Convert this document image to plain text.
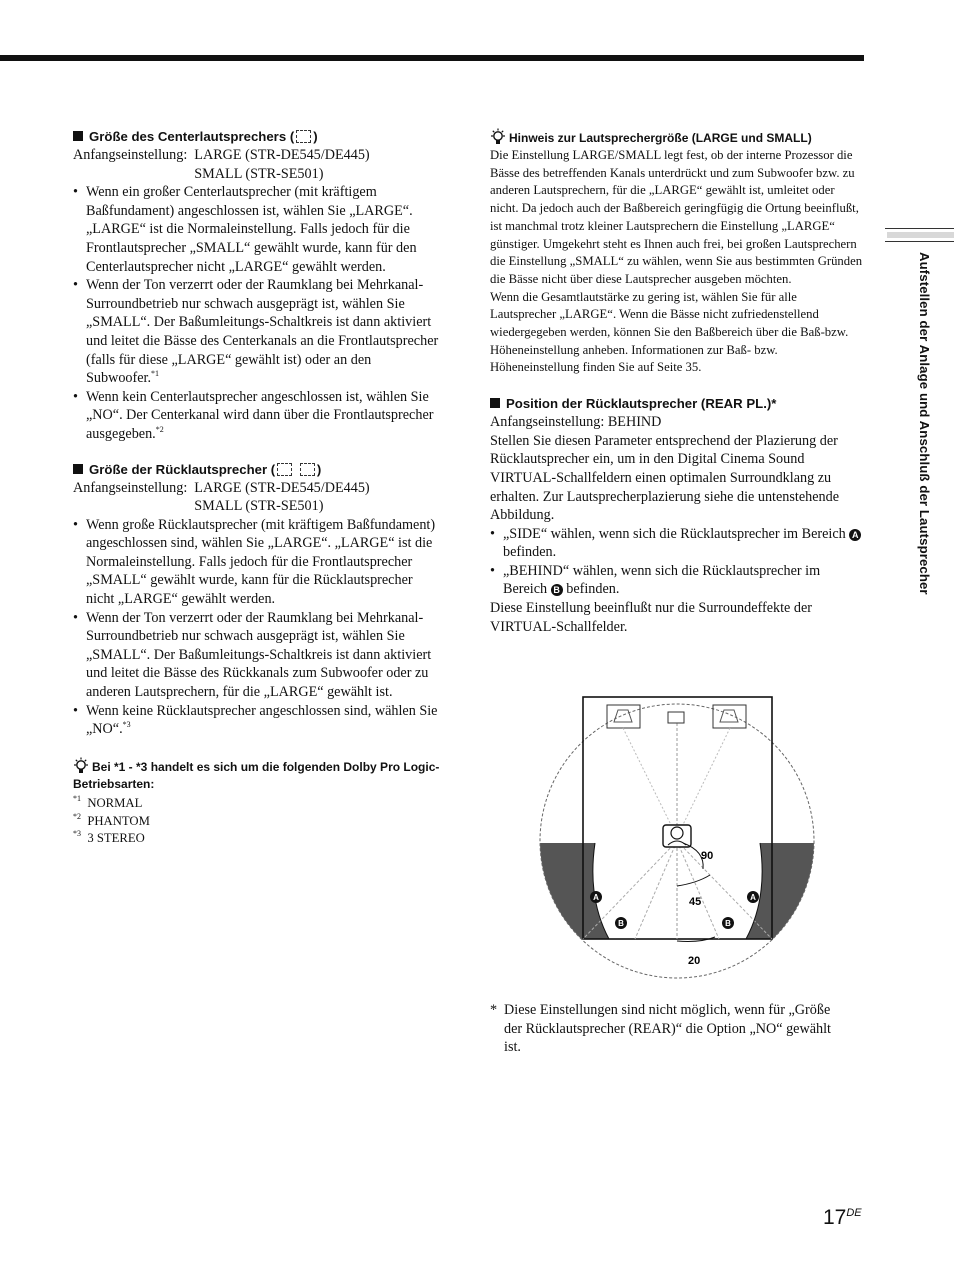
Größe des Centerlautsprechers ( )

Anfangseinstellung: LARGE (STR-DE545/DE445)
SMALL (STR-SE501)
• Wenn ein großer Centerlautsprecher (mit kräftigem Baßfundament) angeschlossen ist, wählen Sie „LARGE“. „LARGE“ ist die Normaleinstellung. Falls jedoch für die Frontlautsprecher „SMALL“ gewählt wurde, kann für den Centerlautsprecher nicht „LARGE“ gewählt werden.
• Wenn der Ton verzerrt oder der Raumklang bei Mehrkanal-Surroundbetrieb nur schwach ausgeprägt ist, wählen Sie „SMALL“. Der Baßumleitungs-Schaltkreis ist dann aktiviert und leitet die Bässe des Centerkanals an die Frontlautsprecher (falls für diese „LARGE“ gewählt ist) oder an den Subwoofer.$^{*1}$
• Wenn kein Centerlautsprecher angeschlossen ist, wählen Sie „NO“. Der Centerkanal wird dann über die Frontlautsprecher ausgegeben.$^{*2}$

Größe der Rücklautsprecher (	)

Anfangseinstellung: LARGE (STR-DE545/DE445)
SMALL (STR-SE501)
• Wenn große Rücklautsprecher (mit kräftigem Baßfundament) angeschlossen sind, wählen Sie „LARGE“. „LARGE“ ist die Normaleinstellung. Falls jedoch für die Frontlautsprecher „SMALL“ gewählt wurde, kann für die Rücklautsprecher nicht „LARGE“ gewählt werden.
• Wenn der Ton verzerrt oder der Raumklang bei Mehrkanal-Surroundbetrieb nur schwach ausgeprägt ist, wählen Sie „SMALL“. Der Baßumleitungs-Schaltkreis ist dann aktiviert und leitet die Bässe des Rückkanals zum Subwoofer oder zu anderen Lautsprechern, für die „LARGE“ gewählt ist.
• Wenn keine Rücklautsprecher angeschlossen sind, wählen Sie „NO“.$^{*3}$
Bei *1 - *3 handelt es sich um die folgenden Dolby Pro Logic-Betriebsarten:
$^{*1}$ NORMAL
$^{*2}$ PHANTOM
$^{*3}$ 3 STEREO
Hinweis zur Lautsprechergröße (LARGE und SMALL)
Die Einstellung LARGE/SMALL legt fest, ob der interne Prozessor die Bässe des betreffenden Kanals unterdrückt und zum Subwoofer bzw. zu anderen Lautsprechern, für die „LARGE“ gewählt ist, umleitet oder nicht. Da jedoch auch der Baßbereich geringfügig die Ortung beeinflußt, ist manchmal trotz kleiner Lautsprechern die Einstellung „LARGE“ günstiger. Umgekehrt steht es Ihnen auch frei, bei großen Lautsprechern die Einstellung „SMALL“ zu wählen, wenn Sie aus bestimmten Gründen die Bässe nicht über diese Lautsprecher ausgeben möchten.
Wenn die Gesamtlautstärke zu gering ist, wählen Sie für alle Lautsprecher „LARGE“. Wenn die Bässe nicht zufriedenstellend wiedergegeben werden, können Sie den Baßbereich über die Baß-bzw. Höheneinstellung anheben. Informationen zur Baß- bzw. Höheneinstellung finden Sie auf Seite 35.

Position der Rücklautsprecher (REAR PL.)*

Anfangseinstellung: BEHIND
Stellen Sie diesen Parameter entsprechend der Plazierung der Rücklautsprecher ein, um in den Digital Cinema Sound VIRTUAL-Schallfeldern einen optimalen Surroundklang zu erhalten. Zur Lautsprecherplazierung siehe die untenstehende Abbildung.
• „SIDE“ wählen, wenn sich die Rücklautsprecher im Bereich A befinden.
• „BEHIND“ wählen, wenn sich die Rücklautsprecher im Bereich B befinden.
Diese Einstellung beeinflußt nur die Surroundeffekte der VIRTUAL-Schallfelder.
A	A
B	B
90
45
20
* Diese Einstellungen sind nicht möglich, wenn für „Größe der Rücklautsprecher (REAR)“ die Option „NO“ gewählt ist.
Aufstellen der Anlage und Anschluß der Lautsprecher
17DE
